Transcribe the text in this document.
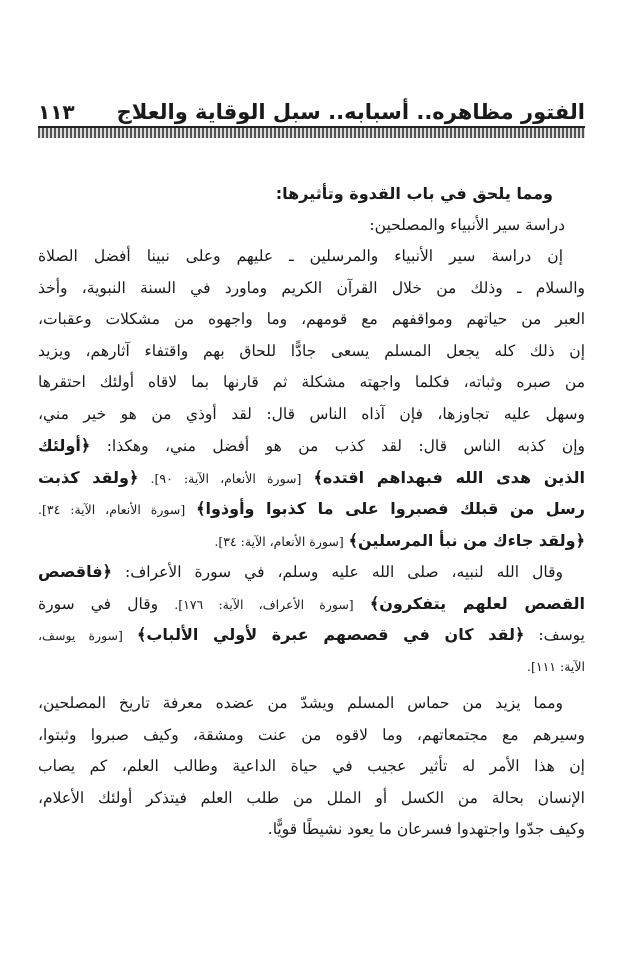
الفتور مظاهره.. أسبابه.. سبل الوقاية والعلاج
١١٣
ومما يلحق في باب القدوة وتأثيرها:
دراسة سير الأنبياء والمصلحين:
إن دراسة سير الأنبياء والمرسلين ـ عليهم وعلى نبينا أفضل الصلاة
والسلام ـ وذلك من خلال القرآن الكريم وماورد في السنة النبوية، وأخذ
العبر من حياتهم ومواقفهم مع قومهم، وما واجهوه من مشكلات وعقبات،
إن ذلك كله يجعل المسلم يسعى جادًّا للحاق بهم واقتفاء آثارهم، ويزيد
من صبره وثباته، فكلما واجهته مشكلة ثم قارنها بما لاقاه أولئك احتقرها
وسهل عليه تجاوزها، فإن آذاه الناس قال: لقد أوذي من هو خير مني،
وإن كذبه الناس قال: لقد كذب من هو أفضل مني، وهكذا: ﴿أولئك
الذين هدى الله فبهداهم اقتده﴾ [سورة الأنعام، الآية: ٩٠]. ﴿ولقد كذبت
رسل من قبلك فصبروا على ما كذبوا وأوذوا﴾ [سورة الأنعام، الآية: ٣٤].
﴿ولقد جاءك من نبأ المرسلين﴾ [سورة الأنعام، الآية: ٣٤].
وقال الله لنبيه، صلى الله عليه وسلم، في سورة الأعراف: ﴿فاقصص
القصص لعلهم يتفكرون﴾ [سورة الأعراف، الآية: ١٧٦]. وقال في سورة
يوسف: ﴿لقد كان في قصصهم عبرة لأولي الألباب﴾ [سورة يوسف،
الآية: ١١١].
ومما يزيد من حماس المسلم ويشدّ من عضده معرفة تاريخ المصلحين،
وسيرهم مع مجتمعاتهم، وما لاقوه من عنت ومشقة، وكيف صبروا وثبتوا،
إن هذا الأمر له تأثير عجيب في حياة الداعية وطالب العلم، كم يصاب
الإنسان بحالة من الكسل أو الملل من طلب العلم فيتذكر أولئك الأعلام،
وكيف جدّوا واجتهدوا فسرعان ما يعود نشيطًا قويًّا.
